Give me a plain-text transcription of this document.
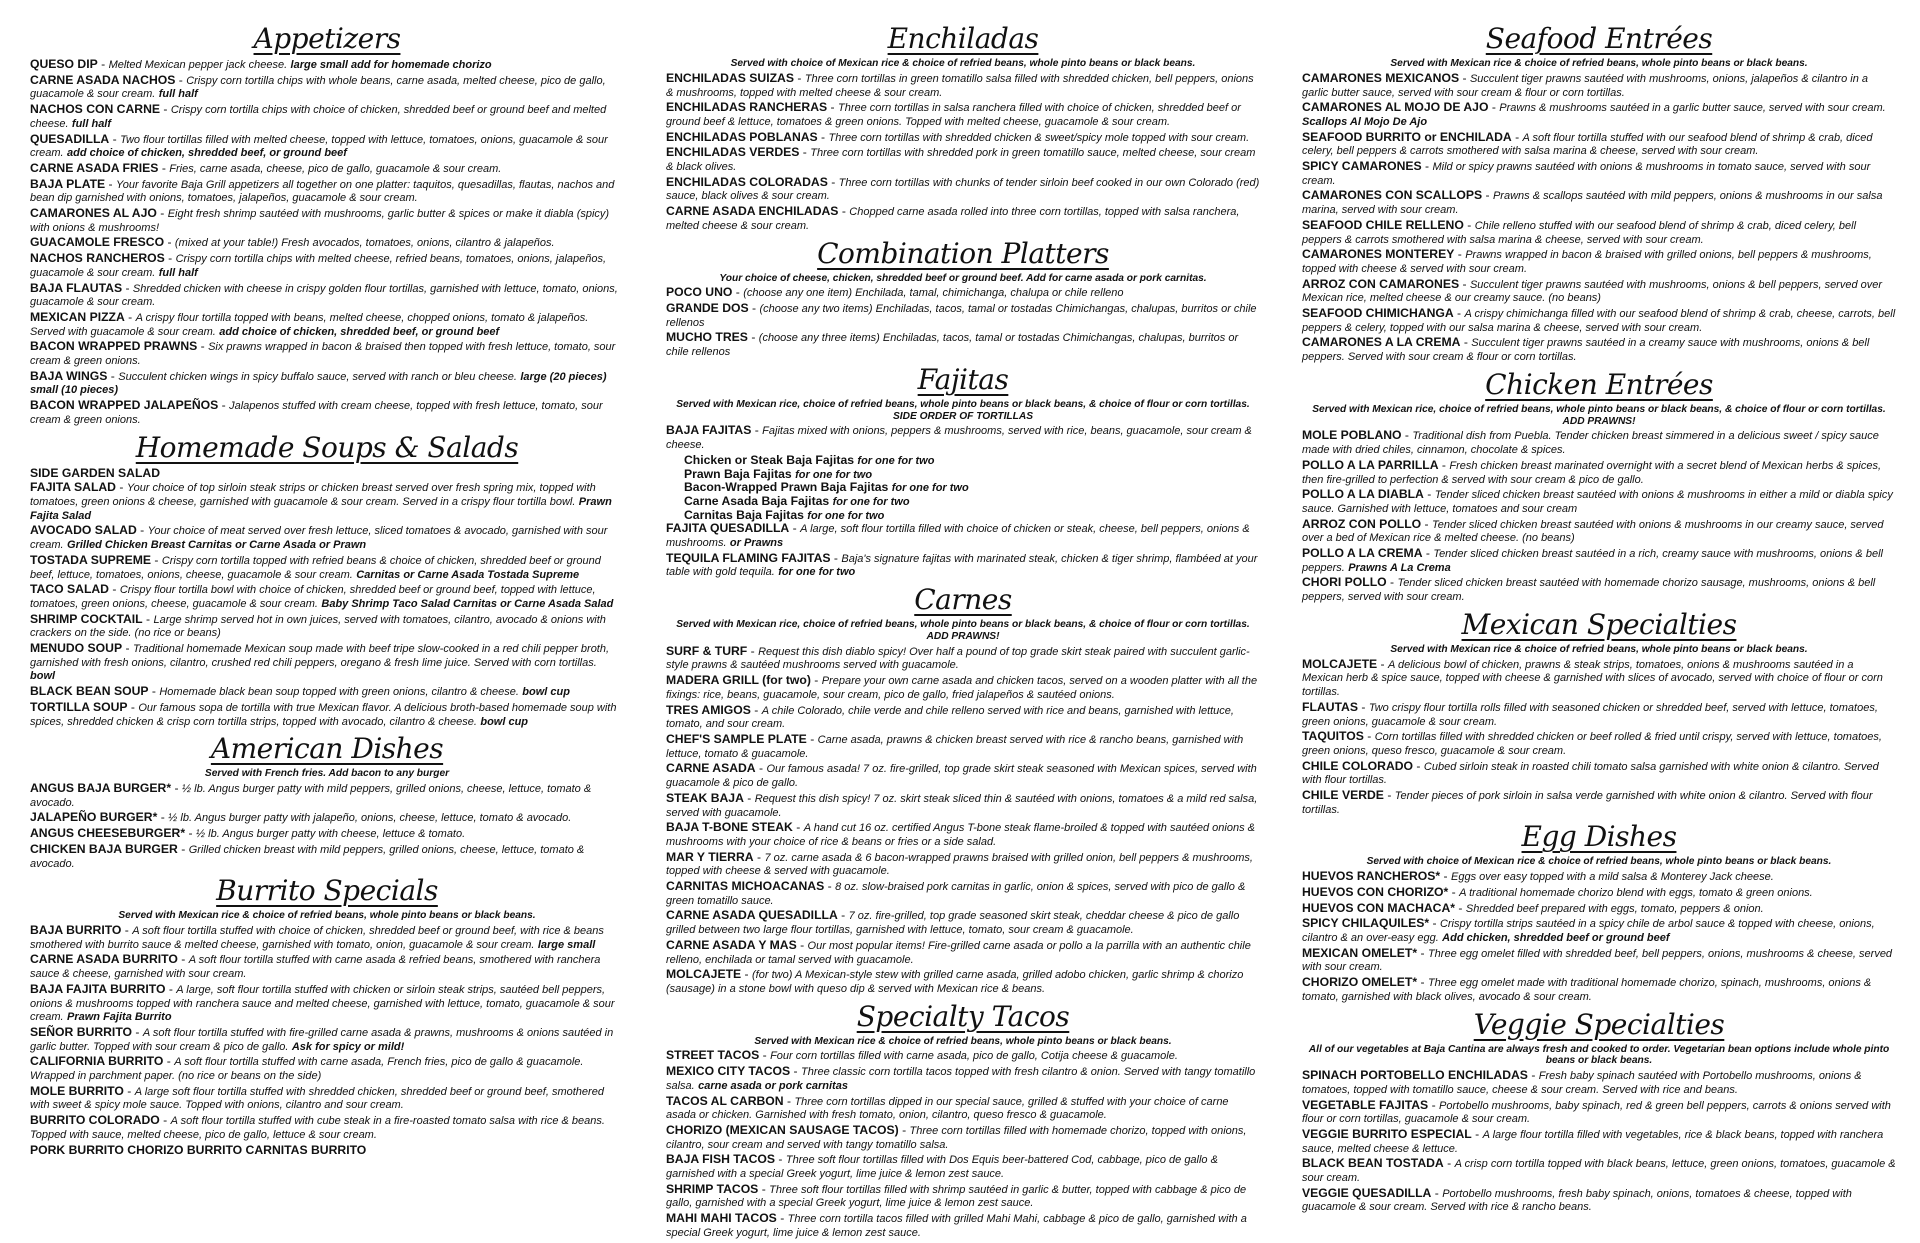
Appetizers
QUESO DIP - Melted Mexican pepper jack cheese. large small add for homemade chorizo
CARNE ASADA NACHOS - Crispy corn tortilla chips with whole beans, carne asada, melted cheese, pico de gallo, guacamole & sour cream. full half
NACHOS CON CARNE - Crispy corn tortilla chips with choice of chicken, shredded beef or ground beef and melted cheese. full half
QUESADILLA - Two flour tortillas filled with melted cheese, topped with lettuce, tomatoes, onions, guacamole & sour cream. add choice of chicken, shredded beef, or ground beef
CARNE ASADA FRIES - Fries, carne asada, cheese, pico de gallo, guacamole & sour cream.
BAJA PLATE - Your favorite Baja Grill appetizers all together on one platter: taquitos, quesadillas, flautas, nachos and bean dip garnished with onions, tomatoes, jalapeños, guacamole & sour cream.
CAMARONES AL AJO - Eight fresh shrimp sautéed with mushrooms, garlic butter & spices or make it diabla (spicy) with onions & mushrooms!
GUACAMOLE FRESCO - (mixed at your table!) Fresh avocados, tomatoes, onions, cilantro & jalapeños.
NACHOS RANCHEROS - Crispy corn tortilla chips with melted cheese, refried beans, tomatoes, onions, jalapeños, guacamole & sour cream. full half
BAJA FLAUTAS - Shredded chicken with cheese in crispy golden flour tortillas, garnished with lettuce, tomato, onions, guacamole & sour cream.
MEXICAN PIZZA - A crispy flour tortilla topped with beans, melted cheese, chopped onions, tomato & jalapeños. Served with guacamole & sour cream. add choice of chicken, shredded beef, or ground beef
BACON WRAPPED PRAWNS - Six prawns wrapped in bacon & braised then topped with fresh lettuce, tomato, sour cream & green onions.
BAJA WINGS - Succulent chicken wings in spicy buffalo sauce, served with ranch or bleu cheese. large (20 pieces) small (10 pieces)
BACON WRAPPED JALAPEÑOS - Jalapenos stuffed with cream cheese, topped with fresh lettuce, tomato, sour cream & green onions.
Homemade Soups & Salads
SIDE GARDEN SALAD
FAJITA SALAD - Your choice of top sirloin steak strips or chicken breast served over fresh spring mix, topped with tomatoes, green onions & cheese, garnished with guacamole & sour cream. Served in a crispy flour tortilla bowl. Prawn Fajita Salad
AVOCADO SALAD - Your choice of meat served over fresh lettuce, sliced tomatoes & avocado, garnished with sour cream. Grilled Chicken Breast Carnitas or Carne Asada or Prawn
TOSTADA SUPREME - Crispy corn tortilla topped with refried beans & choice of chicken, shredded beef or ground beef, lettuce, tomatoes, onions, cheese, guacamole & sour cream. Carnitas or Carne Asada Tostada Supreme
TACO SALAD - Crispy flour tortilla bowl with choice of chicken, shredded beef or ground beef, topped with lettuce, tomatoes, green onions, cheese, guacamole & sour cream. Baby Shrimp Taco Salad Carnitas or Carne Asada Salad
SHRIMP COCKTAIL - Large shrimp served hot in own juices, served with tomatoes, cilantro, avocado & onions with crackers on the side. (no rice or beans)
MENUDO SOUP - Traditional homemade Mexican soup made with beef tripe slow-cooked in a red chili pepper broth, garnished with fresh onions, cilantro, crushed red chili peppers, oregano & fresh lime juice. Served with corn tortillas. bowl
BLACK BEAN SOUP - Homemade black bean soup topped with green onions, cilantro & cheese. bowl cup
TORTILLA SOUP - Our famous sopa de tortilla with true Mexican flavor. A delicious broth-based homemade soup with spices, shredded chicken & crisp corn tortilla strips, topped with avocado, cilantro & cheese. bowl cup
American Dishes
Served with French fries. Add bacon to any burger
ANGUS BAJA BURGER* - ½ lb. Angus burger patty with mild peppers, grilled onions, cheese, lettuce, tomato & avocado.
JALAPEÑO BURGER* - ½ lb. Angus burger patty with jalapeño, onions, cheese, lettuce, tomato & avocado.
ANGUS CHEESEBURGER* - ½ lb. Angus burger patty with cheese, lettuce & tomato.
CHICKEN BAJA BURGER - Grilled chicken breast with mild peppers, grilled onions, cheese, lettuce, tomato & avocado.
Burrito Specials
Served with Mexican rice & choice of refried beans, whole pinto beans or black beans.
BAJA BURRITO - A soft flour tortilla stuffed with choice of chicken, shredded beef or ground beef, with rice & beans smothered with burrito sauce & melted cheese, garnished with tomato, onion, guacamole & sour cream. large small
CARNE ASADA BURRITO - A soft flour tortilla stuffed with carne asada & refried beans, smothered with ranchera sauce & cheese, garnished with sour cream.
BAJA FAJITA BURRITO - A large, soft flour tortilla stuffed with chicken or sirloin steak strips, sautéed bell peppers, onions & mushrooms topped with ranchera sauce and melted cheese, garnished with lettuce, tomato, guacamole & sour cream. Prawn Fajita Burrito
SEÑOR BURRITO - A soft flour tortilla stuffed with fire-grilled carne asada & prawns, mushrooms & onions sautéed in garlic butter. Topped with sour cream & pico de gallo. Ask for spicy or mild!
CALIFORNIA BURRITO - A soft flour tortilla stuffed with carne asada, French fries, pico de gallo & guacamole. Wrapped in parchment paper. (no rice or beans on the side)
MOLE BURRITO - A large soft flour tortilla stuffed with shredded chicken, shredded beef or ground beef, smothered with sweet & spicy mole sauce. Topped with onions, cilantro and sour cream.
BURRITO COLORADO - A soft flour tortilla stuffed with cube steak in a fire-roasted tomato salsa with rice & beans. Topped with sauce, melted cheese, pico de gallo, lettuce & sour cream.
PORK BURRITO CHORIZO BURRITO CARNITAS BURRITO
Enchiladas
Served with choice of Mexican rice & choice of refried beans, whole pinto beans or black beans.
ENCHILADAS SUIZAS - Three corn tortillas in green tomatillo salsa filled with shredded chicken, bell peppers, onions & mushrooms, topped with melted cheese & sour cream.
ENCHILADAS RANCHERAS - Three corn tortillas in salsa ranchera filled with choice of chicken, shredded beef or ground beef & lettuce, tomatoes & green onions. Topped with melted cheese, guacamole & sour cream.
ENCHILADAS POBLANAS - Three corn tortillas with shredded chicken & sweet/spicy mole topped with sour cream.
ENCHILADAS VERDES - Three corn tortillas with shredded pork in green tomatillo sauce, melted cheese, sour cream & black olives.
ENCHILADAS COLORADAS - Three corn tortillas with chunks of tender sirloin beef cooked in our own Colorado (red) sauce, black olives & sour cream.
CARNE ASADA ENCHILADAS - Chopped carne asada rolled into three corn tortillas, topped with salsa ranchera, melted cheese & sour cream.
Combination Platters
Your choice of cheese, chicken, shredded beef or ground beef. Add for carne asada or pork carnitas.
POCO UNO - (choose any one item) Enchilada, tamal, chimichanga, chalupa or chile relleno
GRANDE DOS - (choose any two items) Enchiladas, tacos, tamal or tostadas Chimichangas, chalupas, burritos or chile rellenos
MUCHO TRES - (choose any three items) Enchiladas, tacos, tamal or tostadas Chimichangas, chalupas, burritos or chile rellenos
Fajitas
Served with Mexican rice, choice of refried beans, whole pinto beans or black beans, & choice of flour or corn tortillas. SIDE ORDER OF TORTILLAS
BAJA FAJITAS - Fajitas mixed with onions, peppers & mushrooms, served with rice, beans, guacamole, sour cream & cheese.
Chicken or Steak Baja Fajitas for one for two
Prawn Baja Fajitas for one for two
Bacon-Wrapped Prawn Baja Fajitas for one for two
Carne Asada Baja Fajitas for one for two
Carnitas Baja Fajitas for one for two
FAJITA QUESADILLA - A large, soft flour tortilla filled with choice of chicken or steak, cheese, bell peppers, onions & mushrooms. or Prawns
TEQUILA FLAMING FAJITAS - Baja's signature fajitas with marinated steak, chicken & tiger shrimp, flambéed at your table with gold tequila. for one for two
Carnes
Served with Mexican rice, choice of refried beans, whole pinto beans or black beans, & choice of flour or corn tortillas. ADD PRAWNS!
SURF & TURF - Request this dish diablo spicy! Over half a pound of top grade skirt steak paired with succulent garlic-style prawns & sautéed mushrooms served with guacamole.
MADERA GRILL (for two) - Prepare your own carne asada and chicken tacos, served on a wooden platter with all the fixings: rice, beans, guacamole, sour cream, pico de gallo, fried jalapeños & sautéed onions.
TRES AMIGOS - A chile Colorado, chile verde and chile relleno served with rice and beans, garnished with lettuce, tomato, and sour cream.
CHEF'S SAMPLE PLATE - Carne asada, prawns & chicken breast served with rice & rancho beans, garnished with lettuce, tomato & guacamole.
CARNE ASADA - Our famous asada! 7 oz. fire-grilled, top grade skirt steak seasoned with Mexican spices, served with guacamole & pico de gallo.
STEAK BAJA - Request this dish spicy! 7 oz. skirt steak sliced thin & sautéed with onions, tomatoes & a mild red salsa, served with guacamole.
BAJA T-BONE STEAK - A hand cut 16 oz. certified Angus T-bone steak flame-broiled & topped with sautéed onions & mushrooms with your choice of rice & beans or fries or a side salad.
MAR Y TIERRA - 7 oz. carne asada & 6 bacon-wrapped prawns braised with grilled onion, bell peppers & mushrooms, topped with cheese & served with guacamole.
CARNITAS MICHOACANAS - 8 oz. slow-braised pork carnitas in garlic, onion & spices, served with pico de gallo & green tomatillo sauce.
CARNE ASADA QUESADILLA - 7 oz. fire-grilled, top grade seasoned skirt steak, cheddar cheese & pico de gallo grilled between two large flour tortillas, garnished with lettuce, tomato, sour cream & guacamole.
CARNE ASADA Y MAS - Our most popular items! Fire-grilled carne asada or pollo a la parrilla with an authentic chile relleno, enchilada or tamal served with guacamole.
MOLCAJETE - (for two) A Mexican-style stew with grilled carne asada, grilled adobo chicken, garlic shrimp & chorizo (sausage) in a stone bowl with queso dip & served with Mexican rice & beans.
Specialty Tacos
Served with Mexican rice & choice of refried beans, whole pinto beans or black beans.
STREET TACOS - Four corn tortillas filled with carne asada, pico de gallo, Cotija cheese & guacamole.
MEXICO CITY TACOS - Three classic corn tortilla tacos topped with fresh cilantro & onion. Served with tangy tomatillo salsa. carne asada or pork carnitas
TACOS AL CARBON - Three corn tortillas dipped in our special sauce, grilled & stuffed with your choice of carne asada or chicken. Garnished with fresh tomato, onion, cilantro, queso fresco & guacamole.
CHORIZO (MEXICAN SAUSAGE TACOS) - Three corn tortillas filled with homemade chorizo, topped with onions, cilantro, sour cream and served with tangy tomatillo salsa.
BAJA FISH TACOS - Three soft flour tortillas filled with Dos Equis beer-battered Cod, cabbage, pico de gallo & garnished with a special Greek yogurt, lime juice & lemon zest sauce.
SHRIMP TACOS - Three soft flour tortillas filled with shrimp sautéed in garlic & butter, topped with cabbage & pico de gallo, garnished with a special Greek yogurt, lime juice & lemon zest sauce.
MAHI MAHI TACOS - Three corn tortilla tacos filled with grilled Mahi Mahi, cabbage & pico de gallo, garnished with a special Greek yogurt, lime juice & lemon zest sauce.
Seafood Entrées
Served with Mexican rice & choice of refried beans, whole pinto beans or black beans.
CAMARONES MEXICANOS - Succulent tiger prawns sautéed with mushrooms, onions, jalapeños & cilantro in a garlic butter sauce, served with sour cream & flour or corn tortillas.
CAMARONES AL MOJO DE AJO - Prawns & mushrooms sautéed in a garlic butter sauce, served with sour cream. Scallops Al Mojo De Ajo
SEAFOOD BURRITO or ENCHILADA - A soft flour tortilla stuffed with our seafood blend of shrimp & crab, diced celery, bell peppers & carrots smothered with salsa marina & cheese, served with sour cream.
SPICY CAMARONES - Mild or spicy prawns sautéed with onions & mushrooms in tomato sauce, served with sour cream.
CAMARONES CON SCALLOPS - Prawns & scallops sautéed with mild peppers, onions & mushrooms in our salsa marina, served with sour cream.
SEAFOOD CHILE RELLENO - Chile relleno stuffed with our seafood blend of shrimp & crab, diced celery, bell peppers & carrots smothered with salsa marina & cheese, served with sour cream.
CAMARONES MONTEREY - Prawns wrapped in bacon & braised with grilled onions, bell peppers & mushrooms, topped with cheese & served with sour cream.
ARROZ CON CAMARONES - Succulent tiger prawns sautéed with mushrooms, onions & bell peppers, served over Mexican rice, melted cheese & our creamy sauce. (no beans)
SEAFOOD CHIMICHANGA - A crispy chimichanga filled with our seafood blend of shrimp & crab, cheese, carrots, bell peppers & celery, topped with our salsa marina & cheese, served with sour cream.
CAMARONES A LA CREMA - Succulent tiger prawns sautéed in a creamy sauce with mushrooms, onions & bell peppers. Served with sour cream & flour or corn tortillas.
Chicken Entrées
Served with Mexican rice, choice of refried beans, whole pinto beans or black beans, & choice of flour or corn tortillas. ADD PRAWNS!
MOLE POBLANO - Traditional dish from Puebla. Tender chicken breast simmered in a delicious sweet / spicy sauce made with dried chiles, cinnamon, chocolate & spices.
POLLO A LA PARRILLA - Fresh chicken breast marinated overnight with a secret blend of Mexican herbs & spices, then fire-grilled to perfection & served with sour cream & pico de gallo.
POLLO A LA DIABLA - Tender sliced chicken breast sautéed with onions & mushrooms in either a mild or diabla spicy sauce. Garnished with lettuce, tomatoes and sour cream
ARROZ CON POLLO - Tender sliced chicken breast sautéed with onions & mushrooms in our creamy sauce, served over a bed of Mexican rice & melted cheese. (no beans)
POLLO A LA CREMA - Tender sliced chicken breast sautéed in a rich, creamy sauce with mushrooms, onions & bell peppers. Prawns A La Crema
CHORI POLLO - Tender sliced chicken breast sautéed with homemade chorizo sausage, mushrooms, onions & bell peppers, served with sour cream.
Mexican Specialties
Served with Mexican rice & choice of refried beans, whole pinto beans or black beans.
MOLCAJETE - A delicious bowl of chicken, prawns & steak strips, tomatoes, onions & mushrooms sautéed in a Mexican herb & spice sauce, topped with cheese & garnished with slices of avocado, served with choice of flour or corn tortillas.
FLAUTAS - Two crispy flour tortilla rolls filled with seasoned chicken or shredded beef, served with lettuce, tomatoes, green onions, guacamole & sour cream.
TAQUITOS - Corn tortillas filled with shredded chicken or beef rolled & fried until crispy, served with lettuce, tomatoes, green onions, queso fresco, guacamole & sour cream.
CHILE COLORADO - Cubed sirloin steak in roasted chili tomato salsa garnished with white onion & cilantro. Served with flour tortillas.
CHILE VERDE - Tender pieces of pork sirloin in salsa verde garnished with white onion & cilantro. Served with flour tortillas.
Egg Dishes
Served with choice of Mexican rice & choice of refried beans, whole pinto beans or black beans.
HUEVOS RANCHEROS* - Eggs over easy topped with a mild salsa & Monterey Jack cheese.
HUEVOS CON CHORIZO* - A traditional homemade chorizo blend with eggs, tomato & green onions.
HUEVOS CON MACHACA* - Shredded beef prepared with eggs, tomato, peppers & onion.
SPICY CHILAQUILES* - Crispy tortilla strips sautéed in a spicy chile de arbol sauce & topped with cheese, onions, cilantro & an over-easy egg. Add chicken, shredded beef or ground beef
MEXICAN OMELET* - Three egg omelet filled with shredded beef, bell peppers, onions, mushrooms & cheese, served with sour cream.
CHORIZO OMELET* - Three egg omelet made with traditional homemade chorizo, spinach, mushrooms, onions & tomato, garnished with black olives, avocado & sour cream.
Veggie Specialties
All of our vegetables at Baja Cantina are always fresh and cooked to order. Vegetarian bean options include whole pinto beans or black beans.
SPINACH PORTOBELLO ENCHILADAS - Fresh baby spinach sautéed with Portobello mushrooms, onions & tomatoes, topped with tomatillo sauce, cheese & sour cream. Served with rice and beans.
VEGETABLE FAJITAS - Portobello mushrooms, baby spinach, red & green bell peppers, carrots & onions served with flour or corn tortillas, guacamole & sour cream.
VEGGIE BURRITO ESPECIAL - A large flour tortilla filled with vegetables, rice & black beans, topped with ranchera sauce, melted cheese & lettuce.
BLACK BEAN TOSTADA - A crisp corn tortilla topped with black beans, lettuce, green onions, tomatoes, guacamole & sour cream.
VEGGIE QUESADILLA - Portobello mushrooms, fresh baby spinach, onions, tomatoes & cheese, topped with guacamole & sour cream. Served with rice & rancho beans.
